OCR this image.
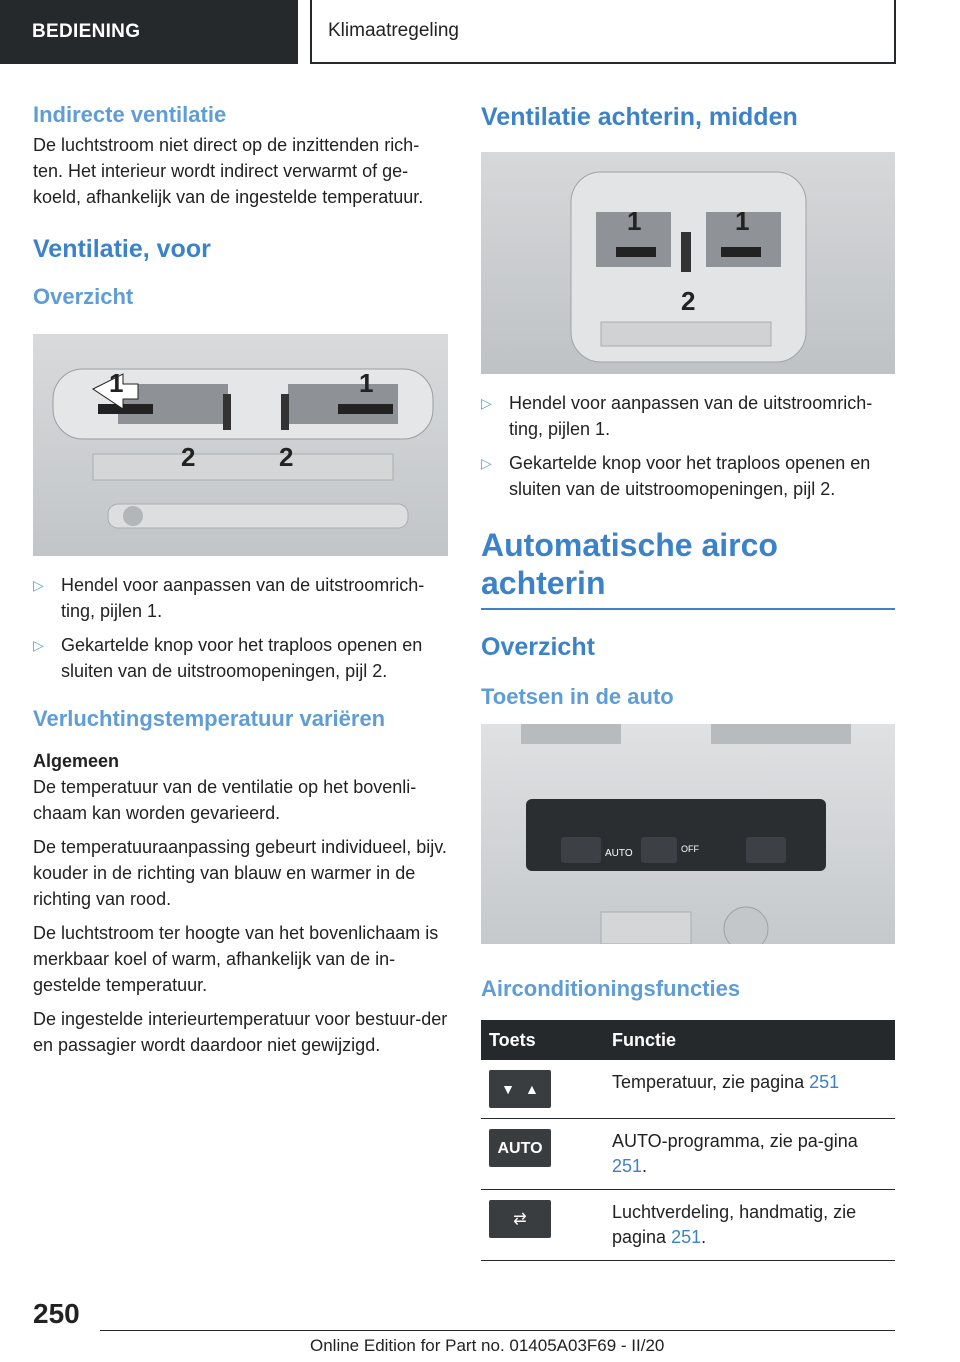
BEDIENING	Klimaatregeling
Indirecte ventilatie

De luchtstroom niet direct op de inzittenden rich-ten. Het interieur wordt indirect verwarmt of ge-koeld, afhankelijk van de ingestelde temperatuur.

Ventilatie, voor
Overzicht
1	1
2	2
▷ Hendel voor aanpassen van de uitstroomrich-ting, pijlen 1.
▷ Gekartelde knop voor het traploos openen en sluiten van de uitstroomopeningen, pijl 2.
Verluchtingstemperatuur variëren
Algemeen

De temperatuur van de ventilatie op het bovenli-chaam kan worden gevarieerd.

De temperatuuraanpassing gebeurt individueel, bijv. kouder in de richting van blauw en warmer in de richting van rood.

De luchtstroom ter hoogte van het bovenlichaam is merkbaar koel of warm, afhankelijk van de in-gestelde temperatuur.

De ingestelde interieurtemperatuur voor bestuur-der en passagier wordt daardoor niet gewijzigd.

Ventilatie achterin, midden
1	1
2
▷ Hendel voor aanpassen van de uitstroomrich-ting, pijlen 1.
▷ Gekartelde knop voor het traploos openen en sluiten van de uitstroomopeningen, pijl 2.
Automatische airco achterin
Overzicht
Toetsen in de auto
AUTO	OFF
Airconditioningsfuncties
Toets	Functie

▼ ▲	Temperatuur, zie pagina 251

AUTO	AUTO-programma, zie pa-gina 251.

⇄	Luchtverdeling, handmatig, zie pagina 251.
250
Online Edition for Part no. 01405A03F69 - II/20
